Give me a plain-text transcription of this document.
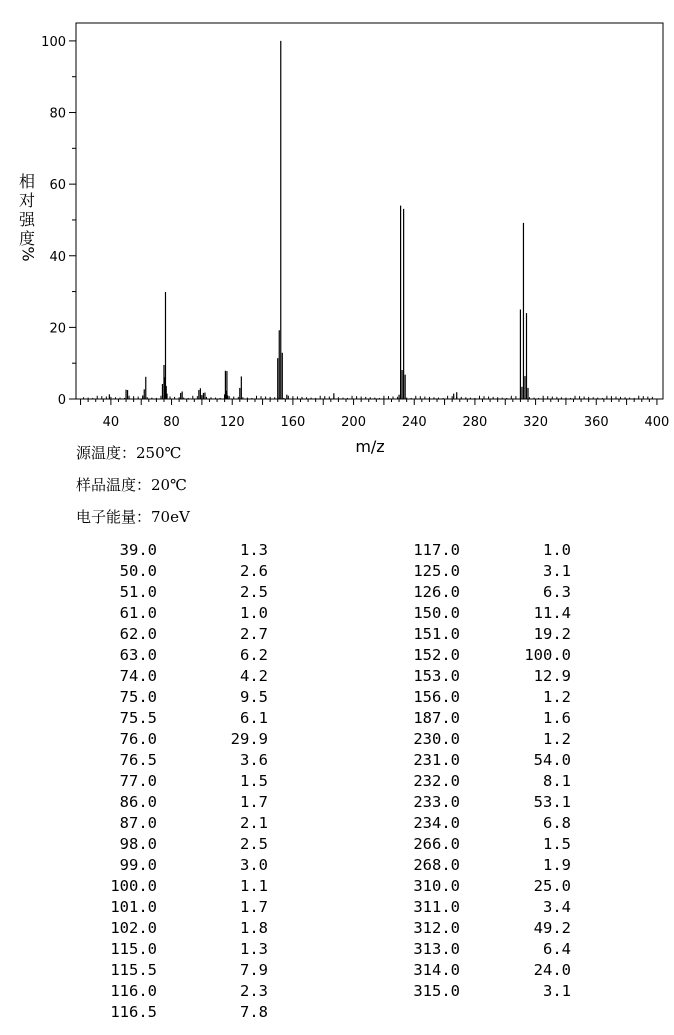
0
20
40
60
80
100
40	80	120	160	200	240	280	320	360	400
m/z
相
对
强
度
%
源温度：250℃
样品温度：20℃
电子能量：70eV
39.0	1.3
50.0	2.6
51.0	2.5
61.0	1.0
62.0	2.7
63.0	6.2
74.0	4.2
75.0	9.5
75.5	6.1
76.0	29.9
76.5	3.6
77.0	1.5
86.0	1.7
87.0	2.1
98.0	2.5
99.0	3.0
100.0	1.1
101.0	1.7
102.0	1.8
115.0	1.3
115.5	7.9
116.0	2.3
116.5	7.8
117.0	1.0
125.0	3.1
126.0	6.3
150.0	11.4
151.0	19.2
152.0	100.0
153.0	12.9
156.0	1.2
187.0	1.6
230.0	1.2
231.0	54.0
232.0	8.1
233.0	53.1
234.0	6.8
266.0	1.5
268.0	1.9
310.0	25.0
311.0	3.4
312.0	49.2
313.0	6.4
314.0	24.0
315.0	3.1
